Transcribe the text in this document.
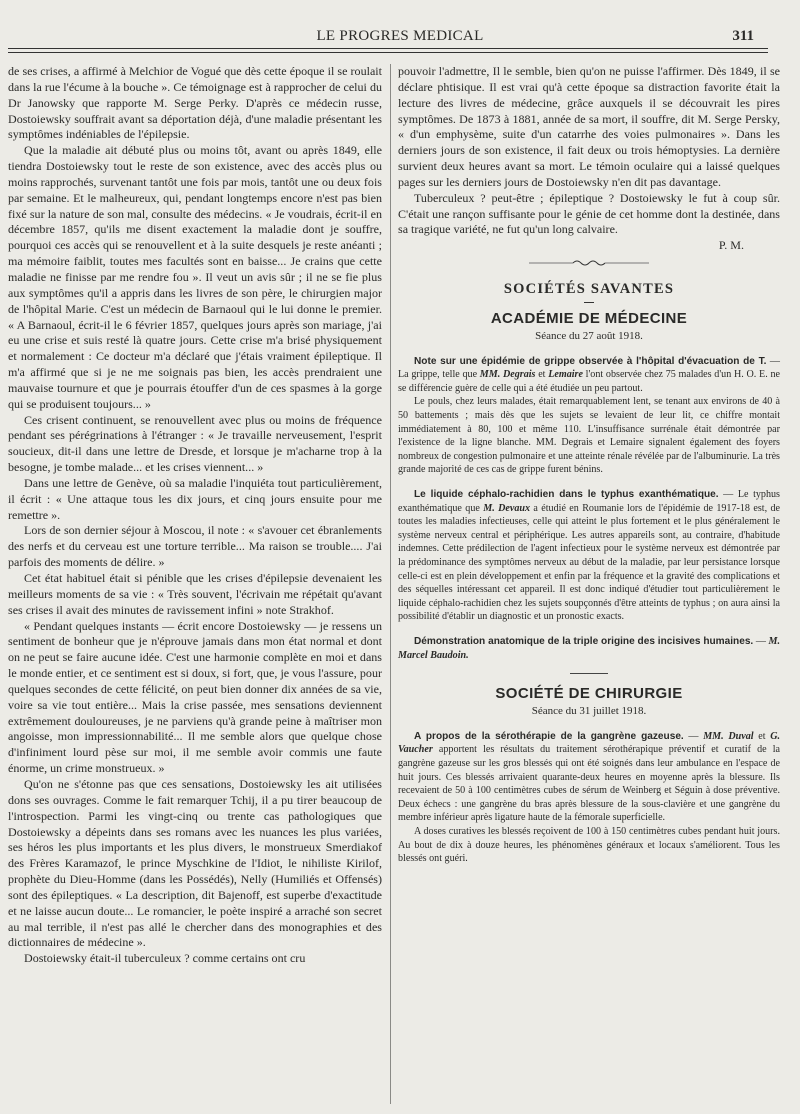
LE PROGRES MEDICAL	311

de ses crises, a affirmé à Melchior de Vogué que dès cette époque il se roulait dans la rue l'écume à la bouche ». Ce témoignage est à rapprocher de celui du Dr Janowsky que rapporte M. Serge Perky. D'après ce médecin russe, Dostoiewsky souffrait avant sa déportation déjà, d'une maladie présentant les symptômes indéniables de l'épilepsie.

Que la maladie ait débuté plus ou moins tôt, avant ou après 1849, elle tiendra Dostoiewsky tout le reste de son existence, avec des accès plus ou moins rapprochés, survenant tantôt une fois par mois, tantôt une ou deux fois par semaine. Et le malheureux, qui, pendant longtemps encore n'est pas bien fixé sur la nature de son mal, consulte des médecins. « Je voudrais, écrit-il en décembre 1857, qu'ils me disent exactement la maladie dont je souffre, pourquoi ces accès qui se renouvellent et à la suite desquels je reste anéanti ; ma mémoire faiblit, toutes mes facultés sont en baisse... Je crains que cette maladie ne finisse par me rendre fou ». Il veut un avis sûr ; il ne se fie plus aux symptômes qu'il a appris dans les livres de son père, le chirurgien major de l'hôpital Marie. C'est un médecin de Barnaoul qui le lui donne le premier. « A Barnaoul, écrit-il le 6 février 1857, quelques jours après son mariage, j'ai eu une crise et suis resté là quatre jours. Cette crise m'a brisé physiquement et normalement : Ce docteur m'a déclaré que j'étais vraiment épileptique. Il m'a affirmé que si je ne me soignais pas bien, les accès prendraient une mauvaise tournure et que je pourrais étouffer d'un de ces spasmes à la gorge qui se produisent toujours... »

Ces crisent continuent, se renouvellent avec plus ou moins de fréquence pendant ses pérégrinations à l'étranger : « Je travaille nerveusement, l'esprit soucieux, dit-il dans une lettre de Dresde, et lorsque je m'acharne trop à la besogne, je tombe malade... et les crises viennent... »

Dans une lettre de Genève, où sa maladie l'inquiéta tout particulièrement, il écrit : « Une attaque tous les dix jours, et cinq jours ensuite pour me remettre ».

Lors de son dernier séjour à Moscou, il note : « s'avouer cet ébranlements des nerfs et du cerveau est une torture terrible... Ma raison se trouble.... J'ai parfois des moments de délire. »

Cet état habituel était si pénible que les crises d'épilepsie devenaient les meilleurs moments de sa vie : « Très souvent, l'écrivain me répétait qu'avant ses crises il avait des minutes de ravissement infini » note Strakhof.

« Pendant quelques instants — écrit encore Dostoiewsky — je ressens un sentiment de bonheur que je n'éprouve jamais dans mon état normal et dont on ne peut se faire aucune idée. C'est une harmonie complète en moi et dans le monde entier, et ce sentiment est si doux, si fort, que, je vous l'assure, pour quelques secondes de cette félicité, on peut bien donner dix années de sa vie, voire sa vie tout entière... Mais la crise passée, mes sensations deviennent extrêmement douloureuses, je ne parviens qu'à grande peine à maîtriser mon angoisse, mon impressionnabilité... Il me semble alors que quelque chose d'infiniment lourd pèse sur moi, il me semble avoir commis une faute énorme, un crime monstrueux. »

Qu'on ne s'étonne pas que ces sensations, Dostoiewsky les ait utilisées dons ses ouvrages. Comme le fait remarquer Tchij, il a pu tirer beaucoup de l'introspection. Parmi les vingt-cinq ou trente cas pathologiques que Dostoiewsky a dépeints dans ses romans avec les nuances les plus variées, ses héros les plus importants et les plus divers, le monstrueux Smerdiakof des Frères Karamazof, le prince Myschkine de l'Idiot, le nihiliste Kirilof, prophète du Dieu-Homme (dans les Possédés), Nelly (Humiliés et Offensés) sont des épileptiques. « La description, dit Bajenoff, est superbe d'exactitude et ne laisse aucun doute... Le romancier, le poète inspiré a arraché son secret au mal terrible, il n'est pas allé le chercher dans des monographies et des dictionnaires de médecine ».

Dostoiewsky était-il tuberculeux ? comme certains ont cru

pouvoir l'admettre, Il le semble, bien qu'on ne puisse l'affirmer. Dès 1849, il se déclare phtisique. Il est vrai qu'à cette époque sa distraction favorite était la lecture des livres de médecine, grâce auxquels il se découvrait les pires symptômes. De 1873 à 1881, année de sa mort, il souffre, dit M. Serge Persky, « d'un emphysème, suite d'un catarrhe des voies pulmonaires ». Dans les derniers jours de son existence, il fait deux ou trois hémoptysies. La dernière survient deux heures avant sa mort. Le témoin oculaire qui a laissé quelques pages sur les derniers jours de Dostoiewsky n'en dit pas davantage.

Tuberculeux ? peut-être ; épileptique ? Dostoiewsky le fut à coup sûr. C'était une rançon suffisante pour le génie de cet homme dont la destinée, dans sa tragique variété, ne fut qu'un long calvaire.

P. M.

SOCIÉTÉS SAVANTES
ACADÉMIE DE MÉDECINE
Séance du 27 août 1918.

Note sur une épidémie de grippe observée à l'hôpital d'évacuation de T. — La grippe, telle que MM. Degrais et Lemaire l'ont observée chez 75 malades d'un H. O. E. ne se différencie guère de celle qui a été étudiée un peu partout.

Le pouls, chez leurs malades, était remarquablement lent, se tenant aux environs de 40 à 50 battements ; mais dès que les sujets se levaient de leur lit, ce chiffre montait immédiatement à 80, 100 et même 110. L'insuffisance surrénale était démontrée par l'existence de la ligne blanche. MM. Degrais et Lemaire signalent également des foyers nombreux de congestion pulmonaire et une atteinte rénale révélée par de l'albuminurie. La très grande majorité de ces cas de grippe furent bénins.

Le liquide céphalo-rachidien dans le typhus exanthématique. — Le typhus exanthématique que M. Devaux a étudié en Roumanie lors de l'épidémie de 1917-18 est, de toutes les maladies infectieuses, celle qui atteint le plus fortement et le plus généralement le système nerveux central et périphérique. Les autres appareils sont, au contraire, d'habitude indemnes. Cette prédilection de l'agent infectieux pour le système nerveux est démontrée par la prédominance des symptômes nerveux au début de la maladie, par leur persistance lorsque celle-ci est en plein développement et enfin par la fréquence et la gravité des complications et des séquelles intéressant cet appareil. Il est donc indiqué d'étudier tout particulièrement le liquide céphalo-rachidien chez les sujets soupçonnés d'être atteints de typhus ; on aura ainsi la possibilité d'établir un diagnostic et un pronostic exacts.

Démonstration anatomique de la triple origine des incisives humaines. — M. Marcel Baudoin.

SOCIÉTÉ DE CHIRURGIE
Séance du 31 juillet 1918.

A propos de la sérothérapie de la gangrène gazeuse. — MM. Duval et G. Vaucher apportent les résultats du traitement sérothérapique préventif et curatif de la gangrène gazeuse sur les gros blessés qui ont été soignés dans leur ambulance en l'espace de huit jours. Ces blessés arrivaient quarante-deux heures en moyenne après la blessure. Ils recevaient de 50 à 100 centimètres cubes de sérum de Weinberg et Séguin à dose préventive. Deux échecs : une gangrène du bras après blessure de la sous-clavière et une gangrène du membre inférieur après ligature haute de la fémorale superficielle.

A doses curatives les blessés reçoivent de 100 à 150 centimètres cubes pendant huit jours. Au bout de dix à douze heures, les phénomènes généraux et locaux s'améliorent. Tous les blessés ont guéri.
